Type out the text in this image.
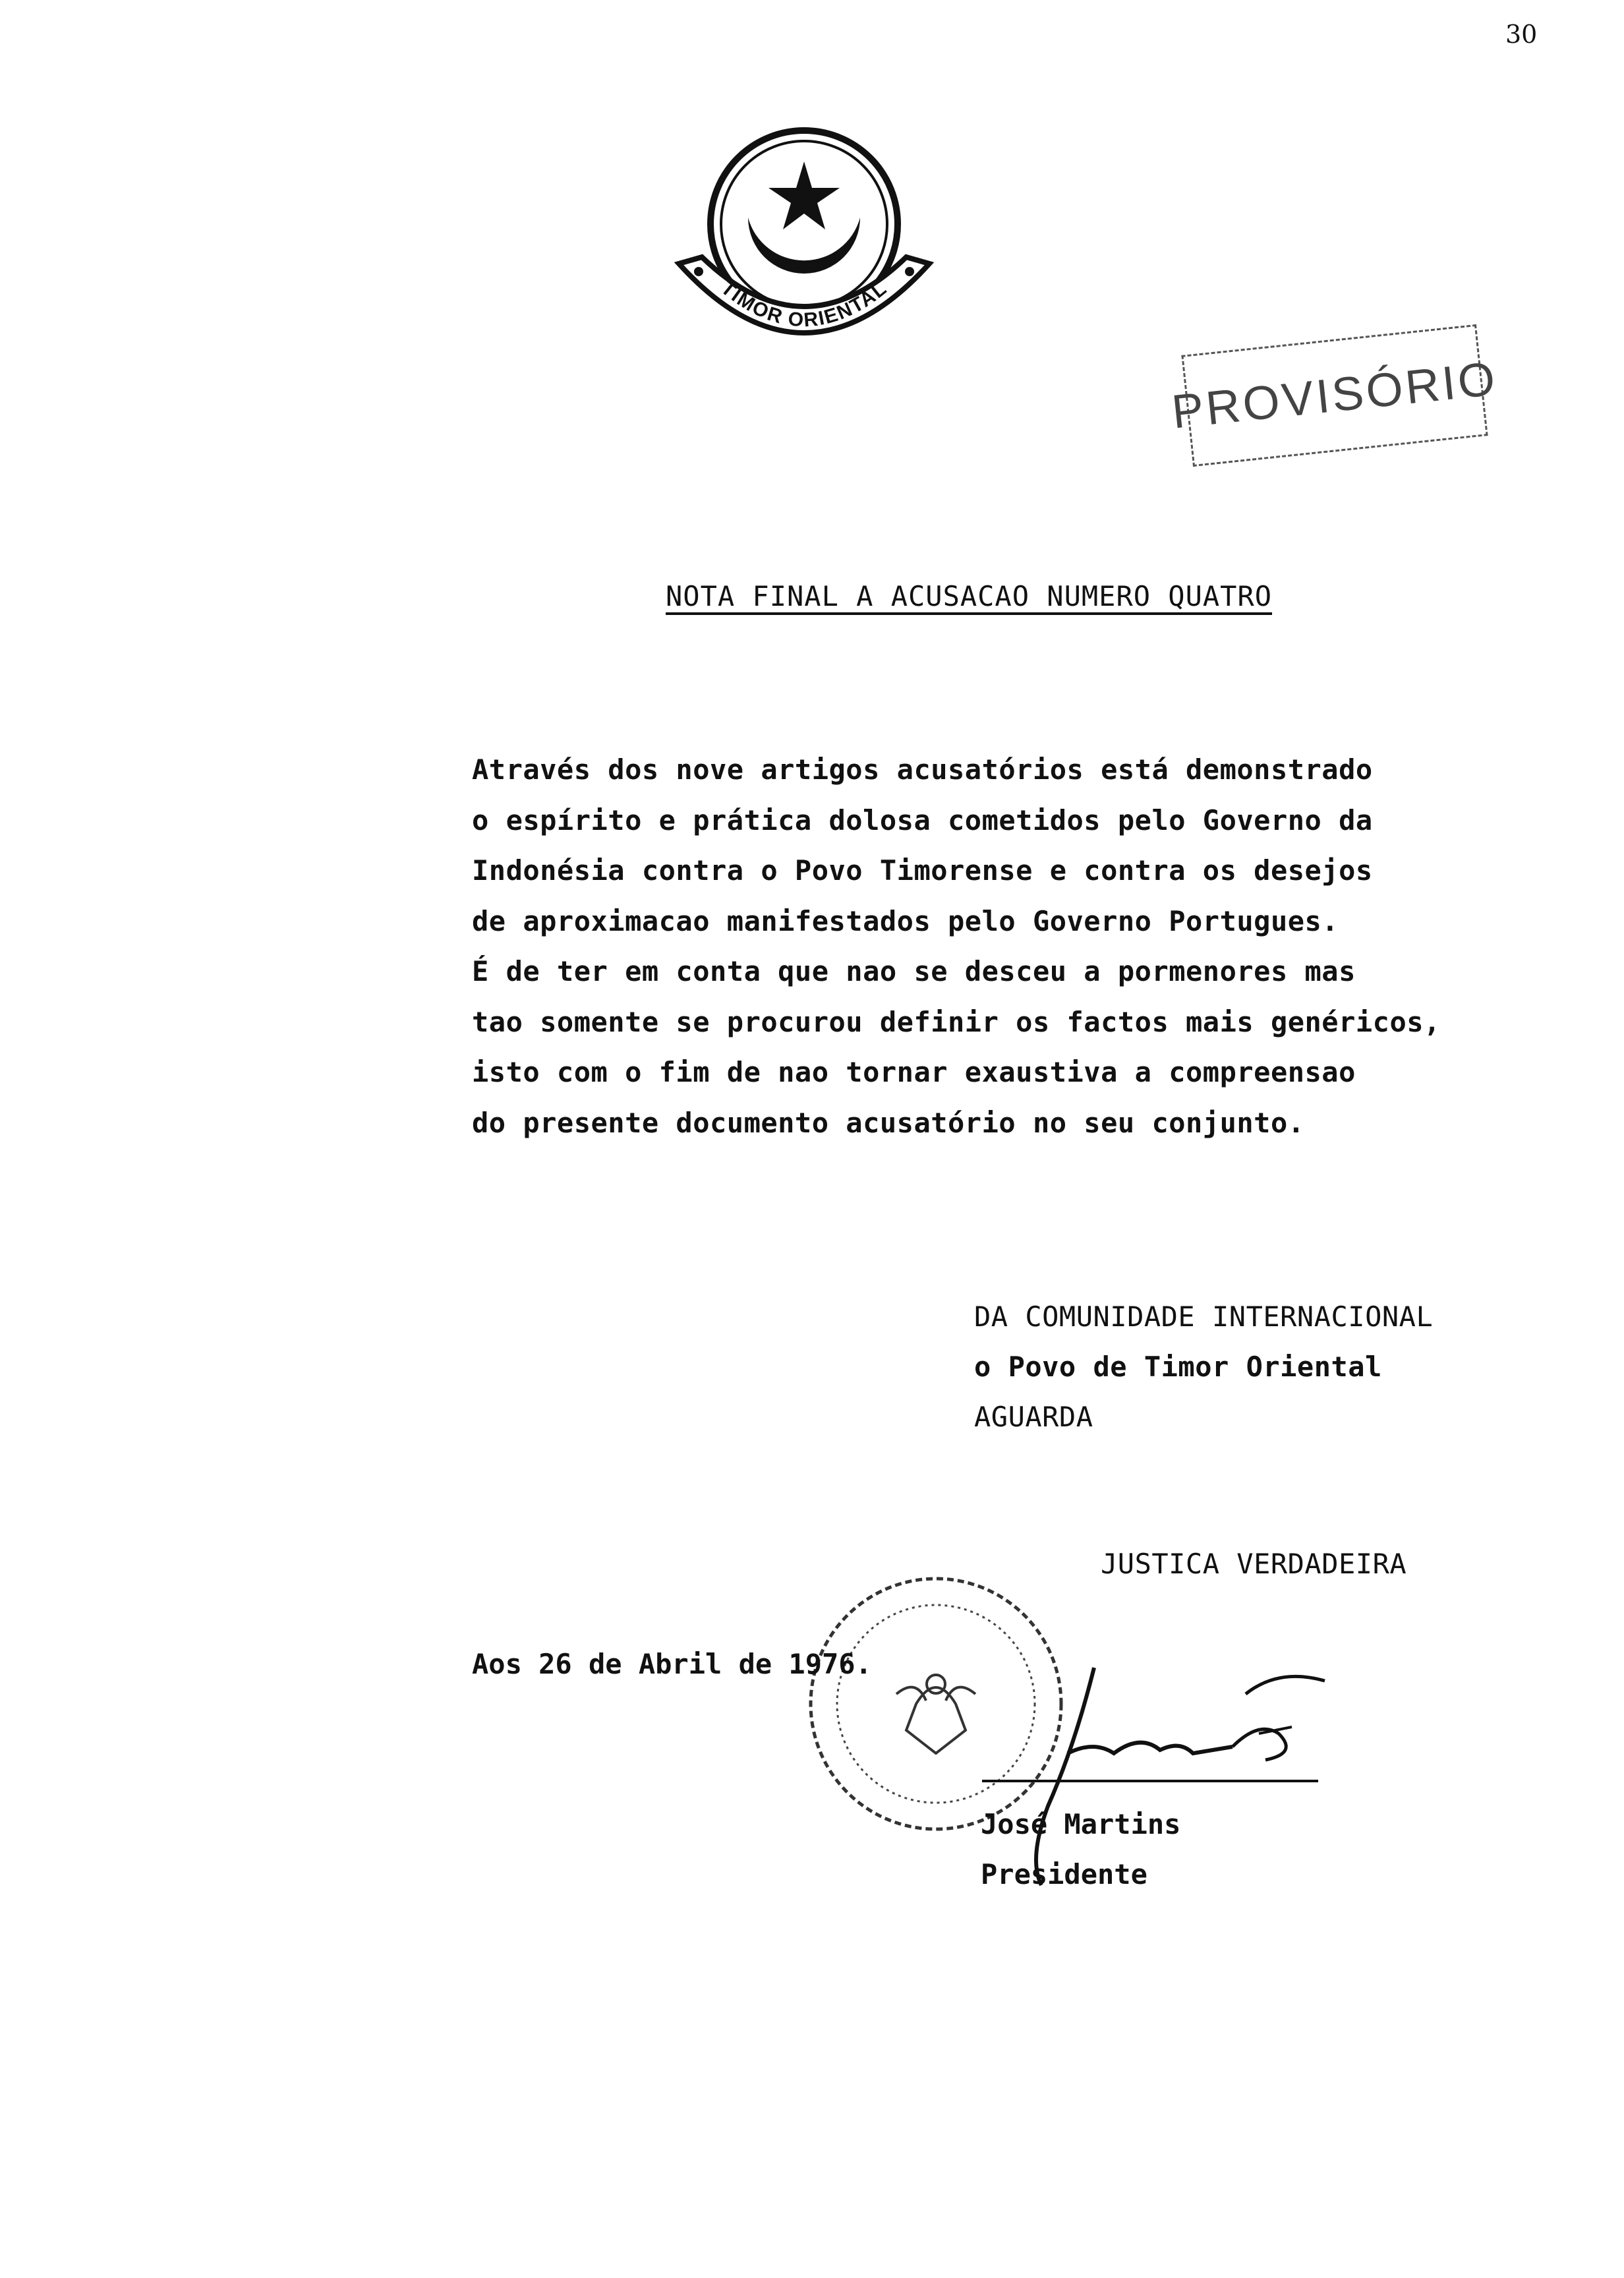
30
TIMOR ORIENTAL
PROVISÓRIO
NOTA FINAL A ACUSACAO NUMERO QUATRO
Através dos nove artigos acusatórios está demonstrado
o espírito e prática dolosa cometidos pelo Governo da
Indonésia contra o Povo Timorense e contra os desejos
de aproximacao manifestados pelo Governo Portugues.
É de ter em conta que nao se desceu a pormenores mas
tao somente se procurou definir os factos mais genéricos,
isto com o fim de nao tornar exaustiva a compreensao
do presente documento acusatório no seu conjunto.
DA COMUNIDADE INTERNACIONAL
o Povo de Timor Oriental
AGUARDA
JUSTICA VERDADEIRA
Aos 26 de Abril de 1976.
José Martins
Presidente
